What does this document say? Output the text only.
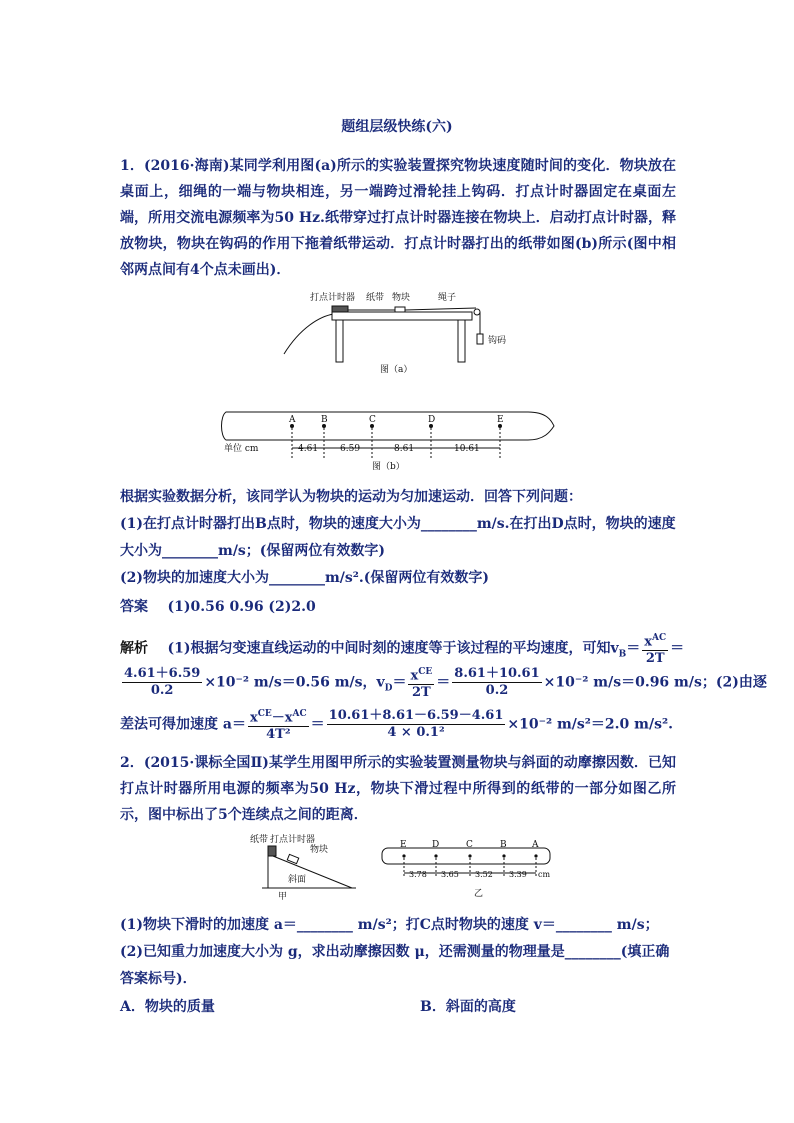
题组层级快练(六)
1．(2016·海南)某同学利用图(a)所示的实验装置探究物块速度随时间的变化．物块放在桌面上，细绳的一端与物块相连，另一端跨过滑轮挂上钩码．打点计时器固定在桌面左端，所用交流电源频率为50 Hz.纸带穿过打点计时器连接在物块上．启动打点计时器，释放物块，物块在钩码的作用下拖着纸带运动．打点计时器打出的纸带如图(b)所示(图中相邻两点间有4个点未画出)．
打点计时器 纸带 物块	绳子
钩码
图（a）
A	B	C	D	E
单位 cm	4.61 6.59	8.61	10.61
图（b）
根据实验数据分析，该同学认为物块的运动为匀加速运动．回答下列问题：
(1)在打点计时器打出B点时，物块的速度大小为________m/s.在打出D点时，物块的速度
大小为________m/s；(保留两位有效数字)
(2)物块的加速度大小为________m/s².(保留两位有效数字)
答案 (1)0.56 0.96 (2)2.0
解析 (1)根据匀变速直线运动的中间时刻的速度等于该过程的平均速度，可知$v_B= \frac{x^{AC}}{2T}$ ＝
$\frac{4.61+6.59}{0.2} \times 10^{-2}$ m/s＝0.56 m/s，$v_D= \frac{x^{CE}}{2T} = \frac{8.61+10.61}{0.2} \times 10^{-2}$ m/s＝0.96 m/s；(2)由逐
差法可得加速度 $a= \frac{x^{CE}-x^{AC}}{\text{4T²}} = \frac{10.61+8.61-6.59-4.61}{\text{4 × 0.1²}} \times 10^{-2}$ m/s²＝2.0 m/s².
2．(2015·课标全国Ⅱ)某学生用图甲所示的实验装置测量物块与斜面的动摩擦因数．已知打点计时器所用电源的频率为50 Hz，物块下滑过程中所得到的纸带的一部分如图乙所示，图中标出了5个连续点之间的距离．
纸带 打点计时器
物块
斜面
甲
E	D	C	B	A
3.78 3.65 3.52 3.39 cm
乙
(1)物块下滑时的加速度 a＝________ m/s²；打C点时物块的速度 v＝________ m/s；
(2)已知重力加速度大小为 g，求出动摩擦因数 μ，还需测量的物理量是________(填正确
答案标号)．
A．物块的质量	B．斜面的高度
